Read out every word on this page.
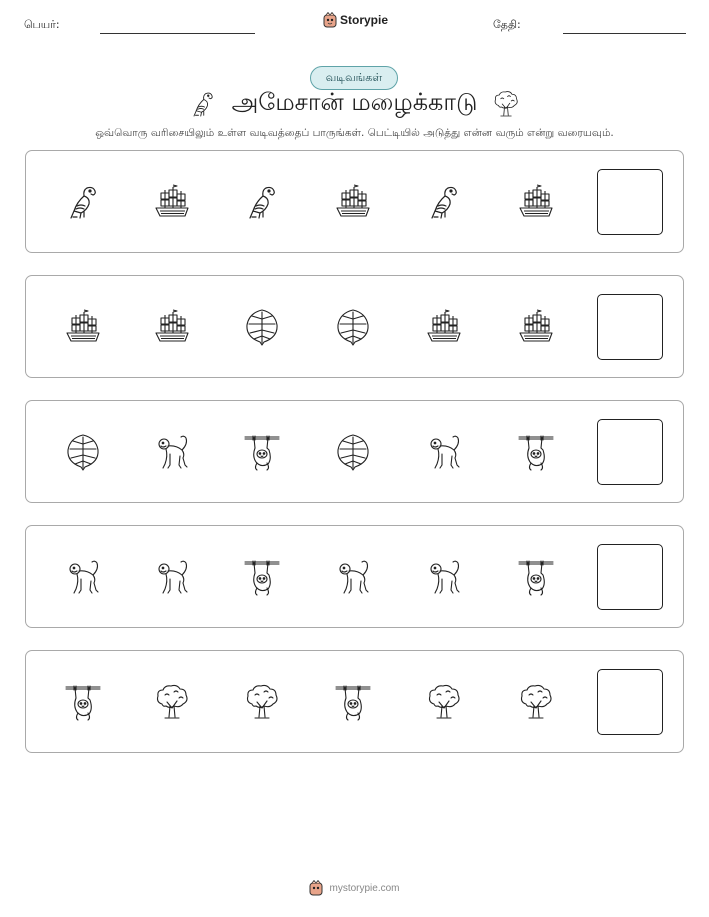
பெயர்:	Storypie	தேதி:
வடிவங்கள்
அமேசான் மழைக்காடு
ஒவ்வொரு வரிசையிலும் உள்ள வடிவத்தைப் பாருங்கள். பெட்டியில் அடுத்து என்ன வரும் என்று வரையவும்.
mystorypie.com
